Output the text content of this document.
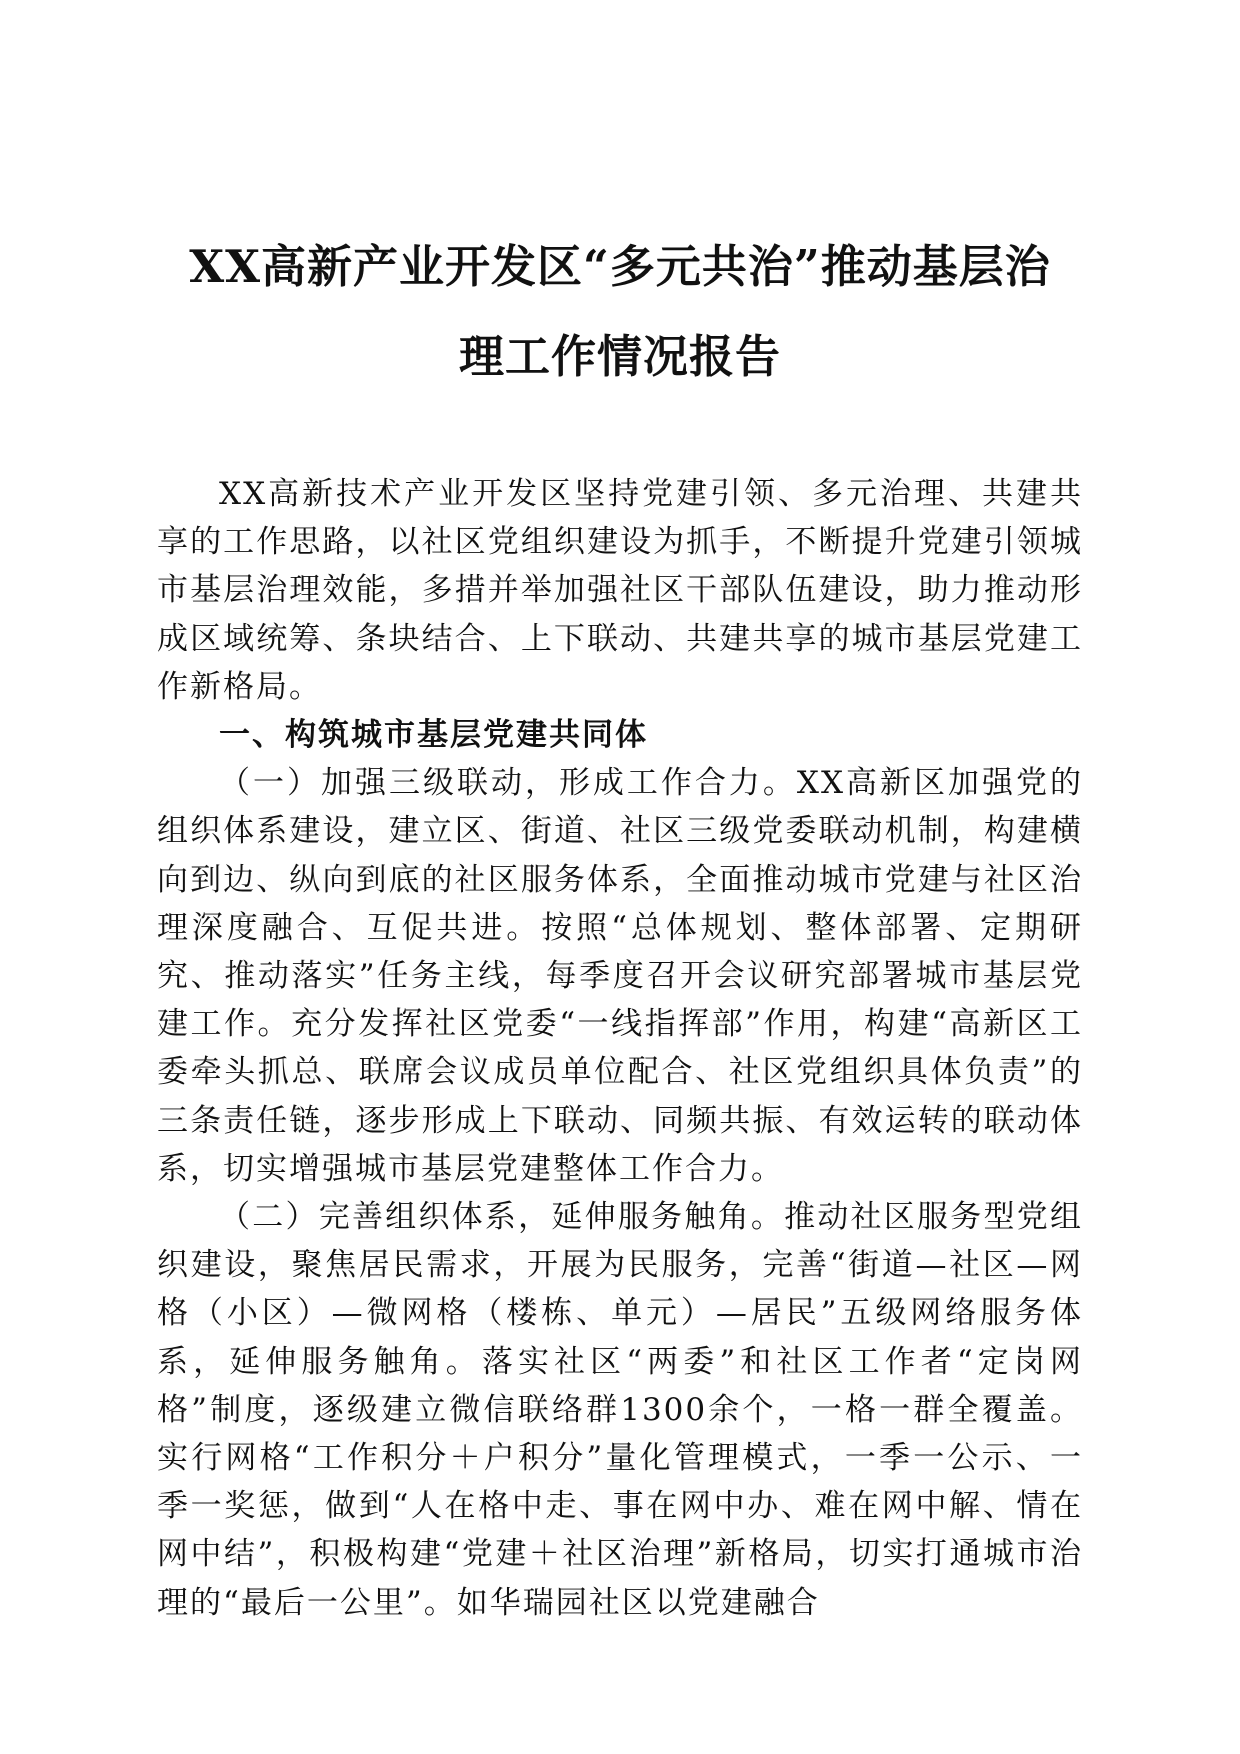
XX高新产业开发区“多元共治”推动基层治
理工作情况报告

XX高新技术产业开发区坚持党建引领、多元治理、共建共享的工作思路，以社区党组织建设为抓手，不断提升党建引领城市基层治理效能，多措并举加强社区干部队伍建设，助力推动形成区域统筹、条块结合、上下联动、共建共享的城市基层党建工作新格局。

一、构筑城市基层党建共同体

（一）加强三级联动，形成工作合力。XX高新区加强党的组织体系建设，建立区、街道、社区三级党委联动机制，构建横向到边、纵向到底的社区服务体系，全面推动城市党建与社区治理深度融合、互促共进。按照“总体规划、整体部署、定期研究、推动落实”任务主线，每季度召开会议研究部署城市基层党建工作。充分发挥社区党委“一线指挥部”作用，构建“高新区工委牵头抓总、联席会议成员单位配合、社区党组织具体负责”的三条责任链，逐步形成上下联动、同频共振、有效运转的联动体系，切实增强城市基层党建整体工作合力。

（二）完善组织体系，延伸服务触角。推动社区服务型党组织建设，聚焦居民需求，开展为民服务，完善“街道—社区—网格（小区）—微网格（楼栋、单元）—居民”五级网络服务体系，延伸服务触角。落实社区“两委”和社区工作者“定岗网格”制度，逐级建立微信联络群1300余个，一格一群全覆盖。实行网格“工作积分＋户积分”量化管理模式，一季一公示、一季一奖惩，做到“人在格中走、事在网中办、难在网中解、情在网中结”，积极构建“党建＋社区治理”新格局，切实打通城市治理的“最后一公里”。如华瑞园社区以党建融合
